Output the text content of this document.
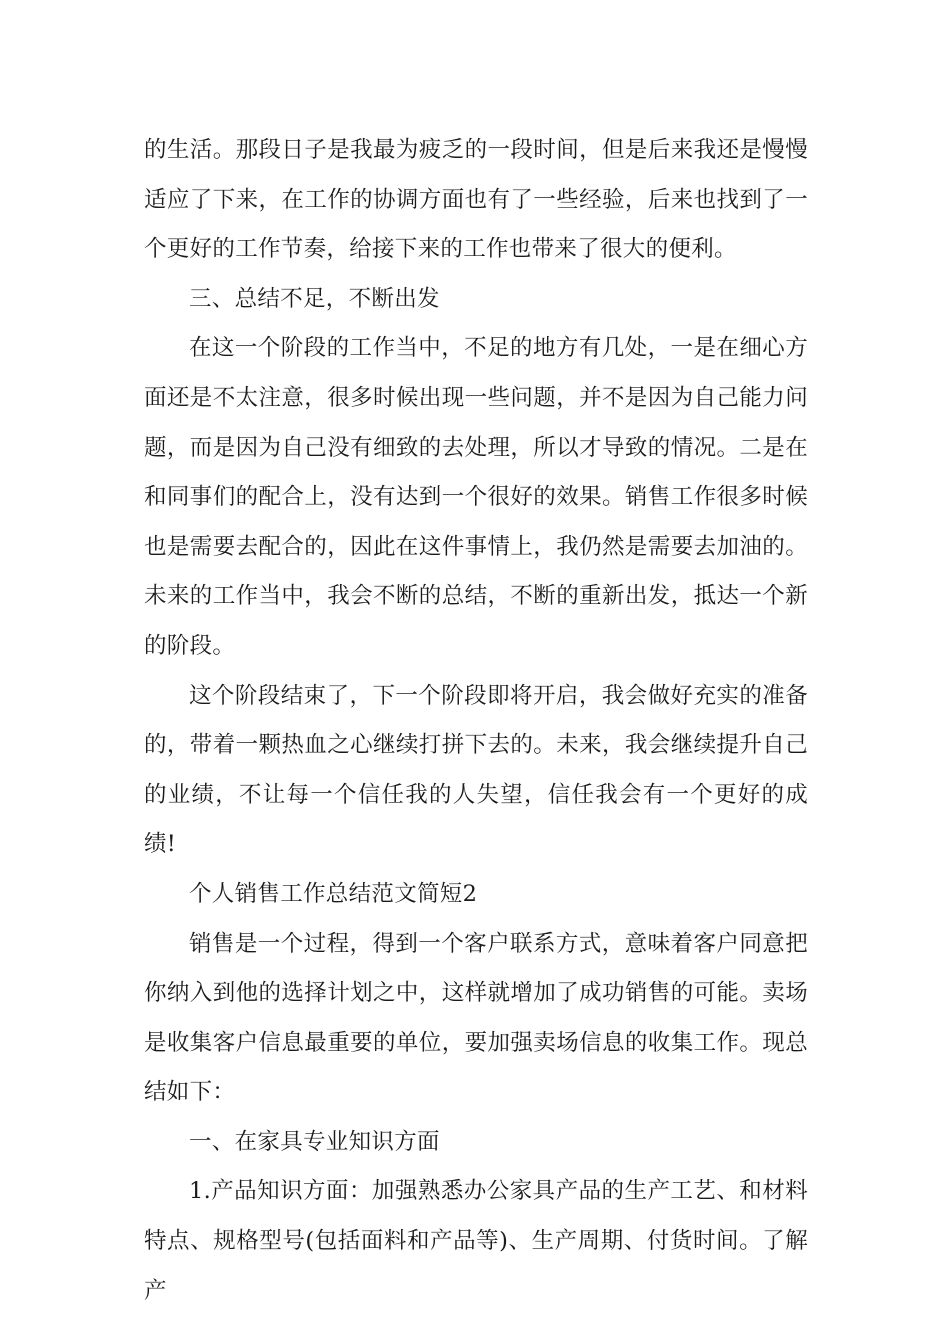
的生活。那段日子是我最为疲乏的一段时间，但是后来我还是慢慢适应了下来，在工作的协调方面也有了一些经验，后来也找到了一个更好的工作节奏，给接下来的工作也带来了很大的便利。

三、总结不足，不断出发

在这一个阶段的工作当中，不足的地方有几处，一是在细心方面还是不太注意，很多时候出现一些问题，并不是因为自己能力问题，而是因为自己没有细致的去处理，所以才导致的情况。二是在和同事们的配合上，没有达到一个很好的效果。销售工作很多时候也是需要去配合的，因此在这件事情上，我仍然是需要去加油的。未来的工作当中，我会不断的总结，不断的重新出发，抵达一个新的阶段。

这个阶段结束了，下一个阶段即将开启，我会做好充实的准备的，带着一颗热血之心继续打拼下去的。未来，我会继续提升自己的业绩，不让每一个信任我的人失望，信任我会有一个更好的成绩!

个人销售工作总结范文简短2

销售是一个过程，得到一个客户联系方式，意味着客户同意把你纳入到他的选择计划之中，这样就增加了成功销售的可能。卖场是收集客户信息最重要的单位，要加强卖场信息的收集工作。现总结如下：

一、在家具专业知识方面

1.产品知识方面：加强熟悉办公家具产品的生产工艺、和材料特点、规格型号(包括面料和产品等)、生产周期、付货时间。了解产
